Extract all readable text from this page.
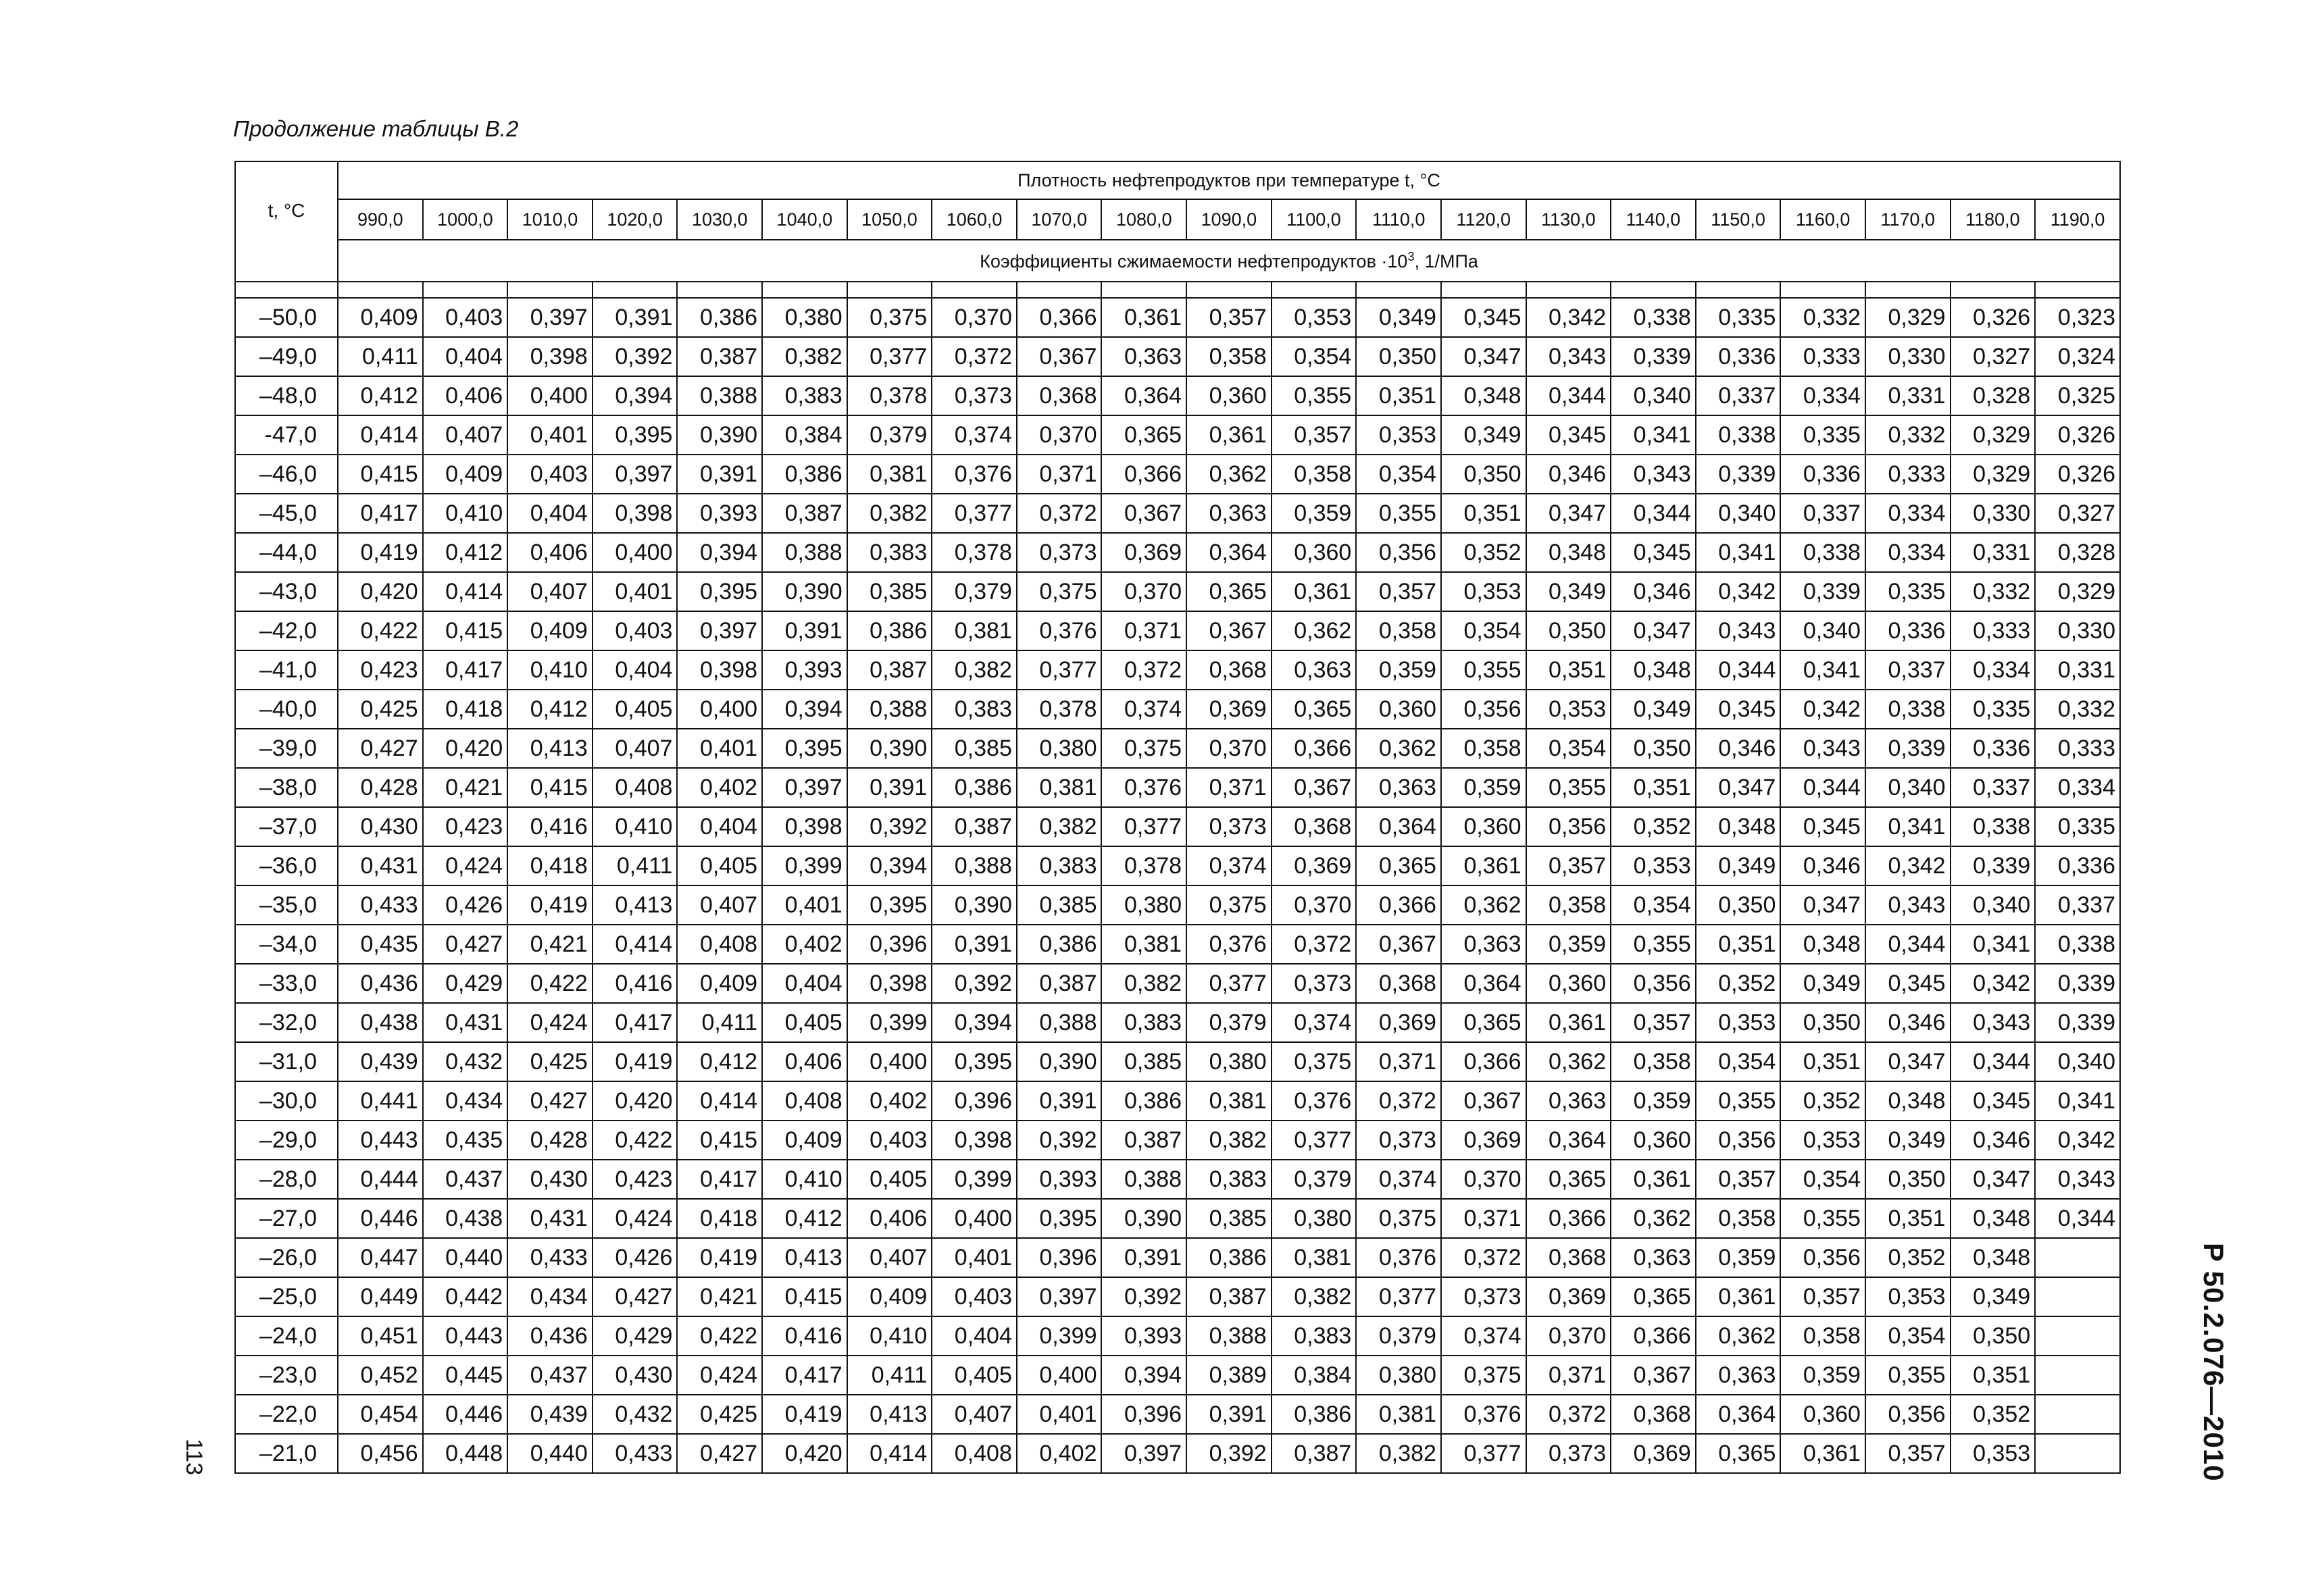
Продолжение таблицы В.2
t, °C	Плотность нефтепродуктов при температуре t, °C																				
	990,0	1000,0	1010,0	1020,0	1030,0	1040,0	1050,0	1060,0	1070,0	1080,0	1090,0	1100,0	1110,0	1120,0	1130,0	1140,0	1150,0	1160,0	1170,0	1180,0	1190,0
	Коэффициенты сжимаемости нефтепродуктов $\cdot 10^3$, 1/МПа																				

–50,0	0,409	0,403	0,397	0,391	0,386	0,380	0,375	0,370	0,366	0,361	0,357	0,353	0,349	0,345	0,342	0,338	0,335	0,332	0,329	0,326	0,323
–49,0	0,411	0,404	0,398	0,392	0,387	0,382	0,377	0,372	0,367	0,363	0,358	0,354	0,350	0,347	0,343	0,339	0,336	0,333	0,330	0,327	0,324
–48,0	0,412	0,406	0,400	0,394	0,388	0,383	0,378	0,373	0,368	0,364	0,360	0,355	0,351	0,348	0,344	0,340	0,337	0,334	0,331	0,328	0,325
-47,0	0,414	0,407	0,401	0,395	0,390	0,384	0,379	0,374	0,370	0,365	0,361	0,357	0,353	0,349	0,345	0,341	0,338	0,335	0,332	0,329	0,326
–46,0	0,415	0,409	0,403	0,397	0,391	0,386	0,381	0,376	0,371	0,366	0,362	0,358	0,354	0,350	0,346	0,343	0,339	0,336	0,333	0,329	0,326
–45,0	0,417	0,410	0,404	0,398	0,393	0,387	0,382	0,377	0,372	0,367	0,363	0,359	0,355	0,351	0,347	0,344	0,340	0,337	0,334	0,330	0,327
–44,0	0,419	0,412	0,406	0,400	0,394	0,388	0,383	0,378	0,373	0,369	0,364	0,360	0,356	0,352	0,348	0,345	0,341	0,338	0,334	0,331	0,328
–43,0	0,420	0,414	0,407	0,401	0,395	0,390	0,385	0,379	0,375	0,370	0,365	0,361	0,357	0,353	0,349	0,346	0,342	0,339	0,335	0,332	0,329
–42,0	0,422	0,415	0,409	0,403	0,397	0,391	0,386	0,381	0,376	0,371	0,367	0,362	0,358	0,354	0,350	0,347	0,343	0,340	0,336	0,333	0,330
–41,0	0,423	0,417	0,410	0,404	0,398	0,393	0,387	0,382	0,377	0,372	0,368	0,363	0,359	0,355	0,351	0,348	0,344	0,341	0,337	0,334	0,331
–40,0	0,425	0,418	0,412	0,405	0,400	0,394	0,388	0,383	0,378	0,374	0,369	0,365	0,360	0,356	0,353	0,349	0,345	0,342	0,338	0,335	0,332
–39,0	0,427	0,420	0,413	0,407	0,401	0,395	0,390	0,385	0,380	0,375	0,370	0,366	0,362	0,358	0,354	0,350	0,346	0,343	0,339	0,336	0,333
–38,0	0,428	0,421	0,415	0,408	0,402	0,397	0,391	0,386	0,381	0,376	0,371	0,367	0,363	0,359	0,355	0,351	0,347	0,344	0,340	0,337	0,334
–37,0	0,430	0,423	0,416	0,410	0,404	0,398	0,392	0,387	0,382	0,377	0,373	0,368	0,364	0,360	0,356	0,352	0,348	0,345	0,341	0,338	0,335
–36,0	0,431	0,424	0,418	0,411	0,405	0,399	0,394	0,388	0,383	0,378	0,374	0,369	0,365	0,361	0,357	0,353	0,349	0,346	0,342	0,339	0,336
–35,0	0,433	0,426	0,419	0,413	0,407	0,401	0,395	0,390	0,385	0,380	0,375	0,370	0,366	0,362	0,358	0,354	0,350	0,347	0,343	0,340	0,337
–34,0	0,435	0,427	0,421	0,414	0,408	0,402	0,396	0,391	0,386	0,381	0,376	0,372	0,367	0,363	0,359	0,355	0,351	0,348	0,344	0,341	0,338
–33,0	0,436	0,429	0,422	0,416	0,409	0,404	0,398	0,392	0,387	0,382	0,377	0,373	0,368	0,364	0,360	0,356	0,352	0,349	0,345	0,342	0,339
–32,0	0,438	0,431	0,424	0,417	0,411	0,405	0,399	0,394	0,388	0,383	0,379	0,374	0,369	0,365	0,361	0,357	0,353	0,350	0,346	0,343	0,339
–31,0	0,439	0,432	0,425	0,419	0,412	0,406	0,400	0,395	0,390	0,385	0,380	0,375	0,371	0,366	0,362	0,358	0,354	0,351	0,347	0,344	0,340
–30,0	0,441	0,434	0,427	0,420	0,414	0,408	0,402	0,396	0,391	0,386	0,381	0,376	0,372	0,367	0,363	0,359	0,355	0,352	0,348	0,345	0,341
–29,0	0,443	0,435	0,428	0,422	0,415	0,409	0,403	0,398	0,392	0,387	0,382	0,377	0,373	0,369	0,364	0,360	0,356	0,353	0,349	0,346	0,342
–28,0	0,444	0,437	0,430	0,423	0,417	0,410	0,405	0,399	0,393	0,388	0,383	0,379	0,374	0,370	0,365	0,361	0,357	0,354	0,350	0,347	0,343
–27,0	0,446	0,438	0,431	0,424	0,418	0,412	0,406	0,400	0,395	0,390	0,385	0,380	0,375	0,371	0,366	0,362	0,358	0,355	0,351	0,348	0,344
–26,0	0,447	0,440	0,433	0,426	0,419	0,413	0,407	0,401	0,396	0,391	0,386	0,381	0,376	0,372	0,368	0,363	0,359	0,356	0,352	0,348	
–25,0	0,449	0,442	0,434	0,427	0,421	0,415	0,409	0,403	0,397	0,392	0,387	0,382	0,377	0,373	0,369	0,365	0,361	0,357	0,353	0,349	
–24,0	0,451	0,443	0,436	0,429	0,422	0,416	0,410	0,404	0,399	0,393	0,388	0,383	0,379	0,374	0,370	0,366	0,362	0,358	0,354	0,350	
–23,0	0,452	0,445	0,437	0,430	0,424	0,417	0,411	0,405	0,400	0,394	0,389	0,384	0,380	0,375	0,371	0,367	0,363	0,359	0,355	0,351	
–22,0	0,454	0,446	0,439	0,432	0,425	0,419	0,413	0,407	0,401	0,396	0,391	0,386	0,381	0,376	0,372	0,368	0,364	0,360	0,356	0,352	
–21,0	0,456	0,448	0,440	0,433	0,427	0,420	0,414	0,408	0,402	0,397	0,392	0,387	0,382	0,377	0,373	0,369	0,365	0,361	0,357	0,353		Р 50.2.076—2010
113
